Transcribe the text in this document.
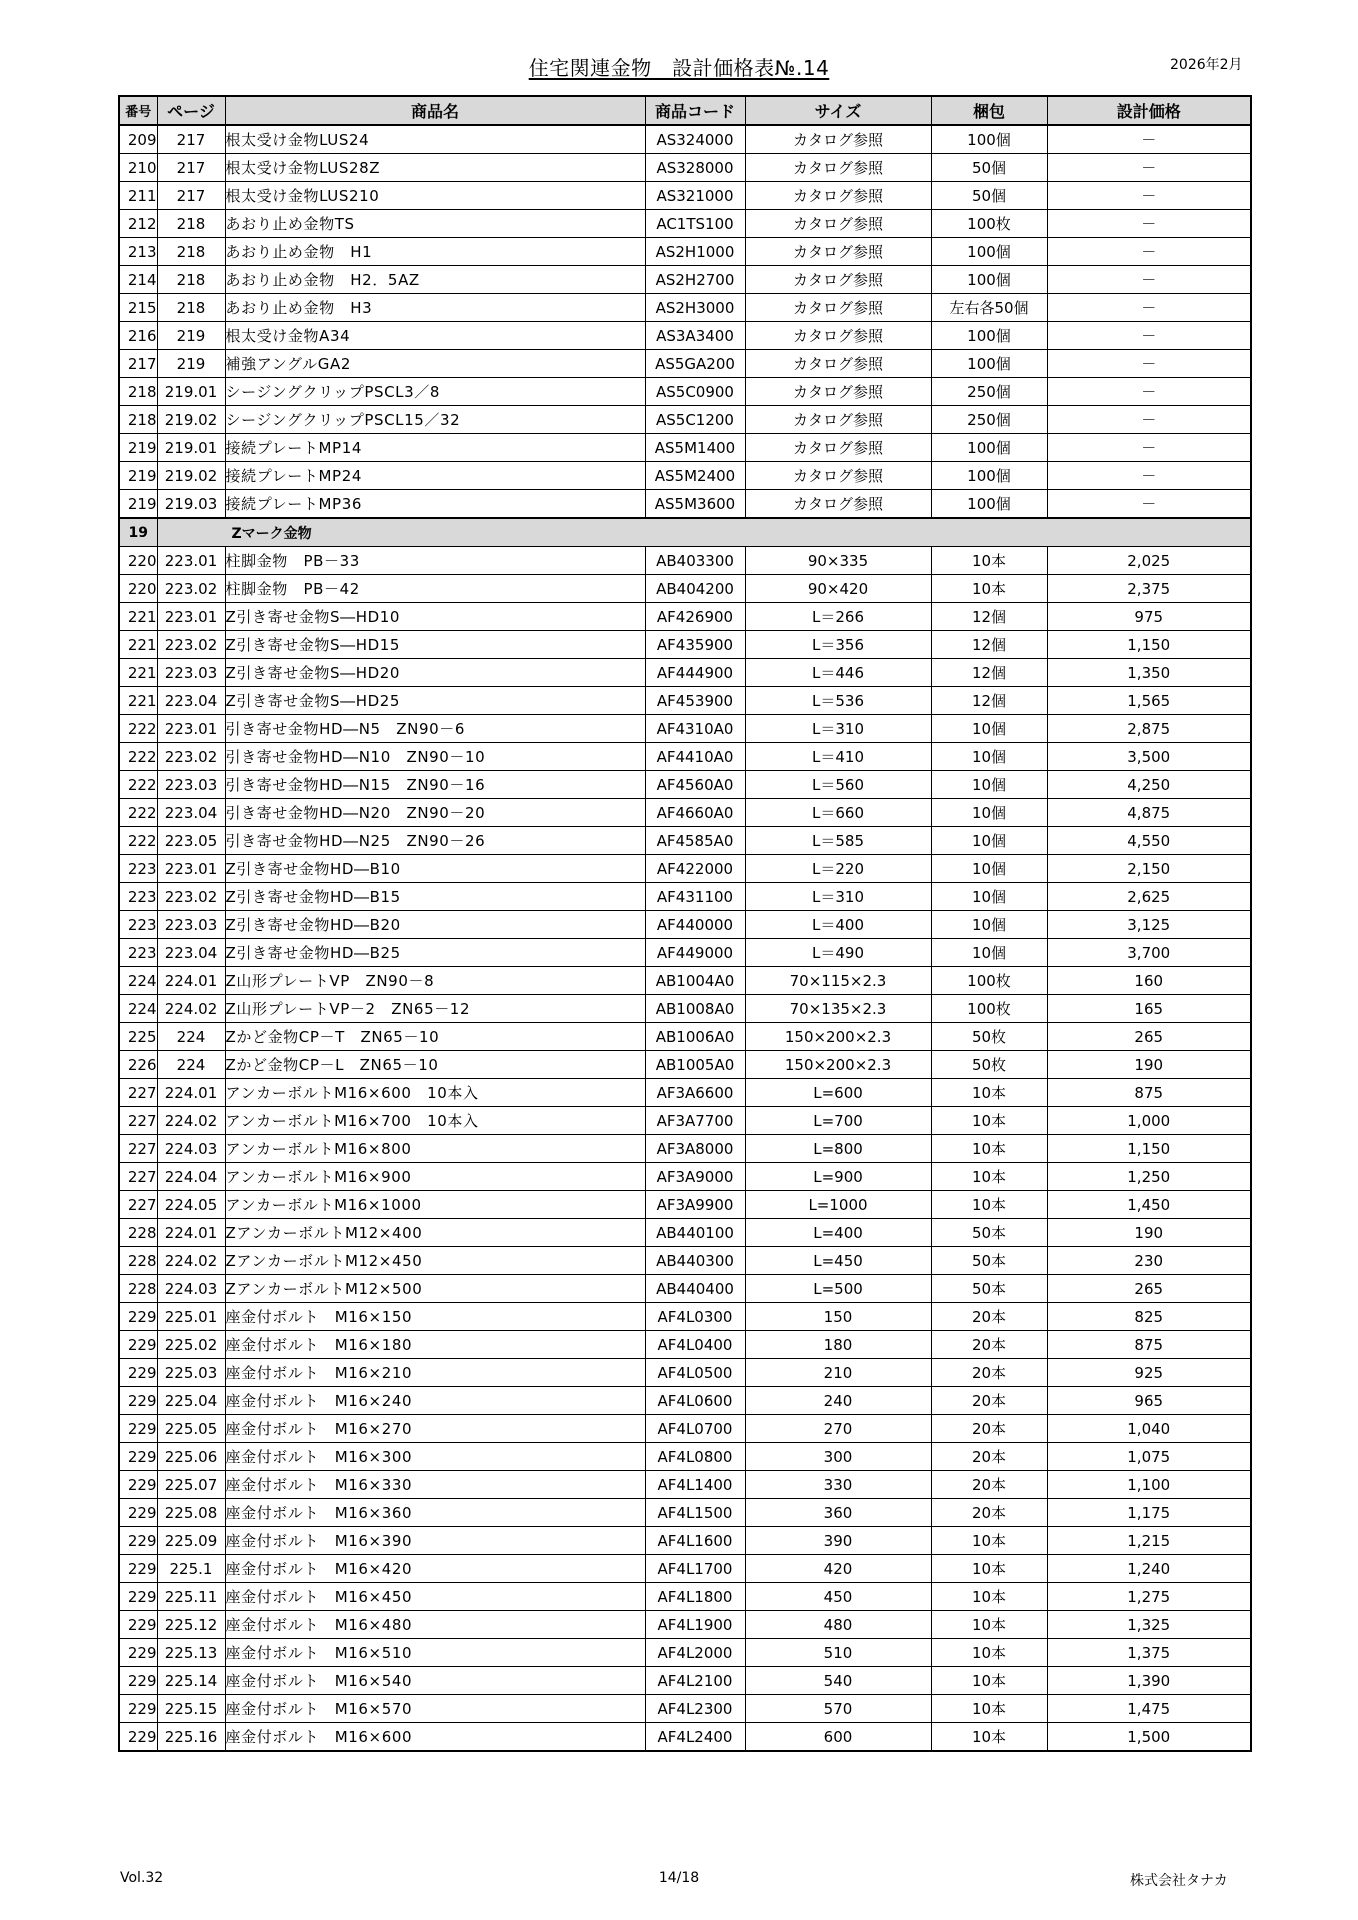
住宅関連金物　設計価格表№.14	2026年2月
番号	ページ	商品名	商品コード	サイズ	梱包	設計価格
209	217	根太受け金物LUS24	AS324000	カタログ参照	100個	－
210	217	根太受け金物LUS28Z	AS328000	カタログ参照	50個	－
211	217	根太受け金物LUS210	AS321000	カタログ参照	50個	－
212	218	あおり止め金物TS	AC1TS100	カタログ参照	100枚	－
213	218	あおり止め金物　H1	AS2H1000	カタログ参照	100個	－
214	218	あおり止め金物　H2．5AZ	AS2H2700	カタログ参照	100個	－
215	218	あおり止め金物　H3	AS2H3000	カタログ参照	左右各50個	－
216	219	根太受け金物A34	AS3A3400	カタログ参照	100個	－
217	219	補強アングルGA2	AS5GA200	カタログ参照	100個	－
218	219.01	シージングクリップPSCL3／8	AS5C0900	カタログ参照	250個	－
218	219.02	シージングクリップPSCL15／32	AS5C1200	カタログ参照	250個	－
219	219.01	接続プレートMP14	AS5M1400	カタログ参照	100個	－
219	219.02	接続プレートMP24	AS5M2400	カタログ参照	100個	－
219	219.03	接続プレートMP36	AS5M3600	カタログ参照	100個	－
19	Zマーク金物					
220	223.01	柱脚金物　PB－33	AB403300	90×335	10本	2,025
220	223.02	柱脚金物　PB－42	AB404200	90×420	10本	2,375
221	223.01	Z引き寄せ金物S―HD10	AF426900	L＝266	12個	975
221	223.02	Z引き寄せ金物S―HD15	AF435900	L＝356	12個	1,150
221	223.03	Z引き寄せ金物S―HD20	AF444900	L＝446	12個	1,350
221	223.04	Z引き寄せ金物S―HD25	AF453900	L＝536	12個	1,565
222	223.01	引き寄せ金物HD―N5　ZN90－6	AF4310A0	L＝310	10個	2,875
222	223.02	引き寄せ金物HD―N10　ZN90－10	AF4410A0	L＝410	10個	3,500
222	223.03	引き寄せ金物HD―N15　ZN90－16	AF4560A0	L＝560	10個	4,250
222	223.04	引き寄せ金物HD―N20　ZN90－20	AF4660A0	L＝660	10個	4,875
222	223.05	引き寄せ金物HD―N25　ZN90－26	AF4585A0	L＝585	10個	4,550
223	223.01	Z引き寄せ金物HD―B10	AF422000	L＝220	10個	2,150
223	223.02	Z引き寄せ金物HD―B15	AF431100	L＝310	10個	2,625
223	223.03	Z引き寄せ金物HD―B20	AF440000	L＝400	10個	3,125
223	223.04	Z引き寄せ金物HD―B25	AF449000	L＝490	10個	3,700
224	224.01	Z山形プレートVP　ZN90－8	AB1004A0	70×115×2.3	100枚	160
224	224.02	Z山形プレートVP－2　ZN65－12	AB1008A0	70×135×2.3	100枚	165
225	224	Zかど金物CP－T　ZN65－10	AB1006A0	150×200×2.3	50枚	265
226	224	Zかど金物CP－L　ZN65－10	AB1005A0	150×200×2.3	50枚	190
227	224.01	アンカーボルトM16×600　10本入	AF3A6600	L=600	10本	875
227	224.02	アンカーボルトM16×700　10本入	AF3A7700	L=700	10本	1,000
227	224.03	アンカーボルトM16×800	AF3A8000	L=800	10本	1,150
227	224.04	アンカーボルトM16×900	AF3A9000	L=900	10本	1,250
227	224.05	アンカーボルトM16×1000	AF3A9900	L=1000	10本	1,450
228	224.01	ZアンカーボルトM12×400	AB440100	L=400	50本	190
228	224.02	ZアンカーボルトM12×450	AB440300	L=450	50本	230
228	224.03	ZアンカーボルトM12×500	AB440400	L=500	50本	265
229	225.01	座金付ボルト　M16×150	AF4L0300	150	20本	825
229	225.02	座金付ボルト　M16×180	AF4L0400	180	20本	875
229	225.03	座金付ボルト　M16×210	AF4L0500	210	20本	925
229	225.04	座金付ボルト　M16×240	AF4L0600	240	20本	965
229	225.05	座金付ボルト　M16×270	AF4L0700	270	20本	1,040
229	225.06	座金付ボルト　M16×300	AF4L0800	300	20本	1,075
229	225.07	座金付ボルト　M16×330	AF4L1400	330	20本	1,100
229	225.08	座金付ボルト　M16×360	AF4L1500	360	20本	1,175
229	225.09	座金付ボルト　M16×390	AF4L1600	390	10本	1,215
229	225.1	座金付ボルト　M16×420	AF4L1700	420	10本	1,240
229	225.11	座金付ボルト　M16×450	AF4L1800	450	10本	1,275
229	225.12	座金付ボルト　M16×480	AF4L1900	480	10本	1,325
229	225.13	座金付ボルト　M16×510	AF4L2000	510	10本	1,375
229	225.14	座金付ボルト　M16×540	AF4L2100	540	10本	1,390
229	225.15	座金付ボルト　M16×570	AF4L2300	570	10本	1,475
229	225.16	座金付ボルト　M16×600	AF4L2400	600	10本	1,500
Vol.32	14/18	株式会社タナカ
